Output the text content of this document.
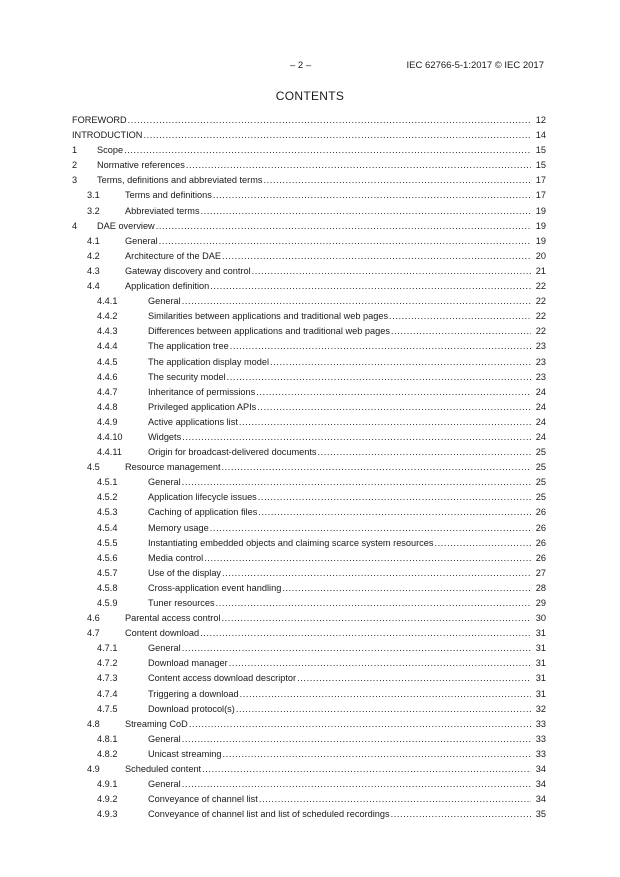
– 2 –	IEC 62766-5-1:2017 © IEC 2017
CONTENTS
FOREWORD .....	12
INTRODUCTION .....	14
1	Scope .....	15
2	Normative references .....	15
3	Terms, definitions and abbreviated terms .....	17
3.1	Terms and definitions .....	17
3.2	Abbreviated terms .....	19
4	DAE overview .....	19
4.1	General .....	19
4.2	Architecture of the DAE .....	20
4.3	Gateway discovery and control .....	21
4.4	Application definition .....	22
4.4.1	General .....	22
4.4.2	Similarities between applications and traditional web pages .....	22
4.4.3	Differences between applications and traditional web pages .....	22
4.4.4	The application tree .....	23
4.4.5	The application display model .....	23
4.4.6	The security model .....	23
4.4.7	Inheritance of permissions .....	24
4.4.8	Privileged application APIs .....	24
4.4.9	Active applications list .....	24
4.4.10	Widgets .....	24
4.4.11	Origin for broadcast-delivered documents .....	25
4.5	Resource management .....	25
4.5.1	General .....	25
4.5.2	Application lifecycle issues .....	25
4.5.3	Caching of application files .....	26
4.5.4	Memory usage .....	26
4.5.5	Instantiating embedded objects and claiming scarce system resources .....	26
4.5.6	Media control .....	26
4.5.7	Use of the display .....	27
4.5.8	Cross-application event handling .....	28
4.5.9	Tuner resources .....	29
4.6	Parental access control .....	30
4.7	Content download .....	31
4.7.1	General .....	31
4.7.2	Download manager .....	31
4.7.3	Content access download descriptor .....	31
4.7.4	Triggering a download .....	31
4.7.5	Download protocol(s) .....	32
4.8	Streaming CoD .....	33
4.8.1	General .....	33
4.8.2	Unicast streaming .....	33
4.9	Scheduled content .....	34
4.9.1	General .....	34
4.9.2	Conveyance of channel list .....	34
4.9.3	Conveyance of channel list and list of scheduled recordings .....	35
